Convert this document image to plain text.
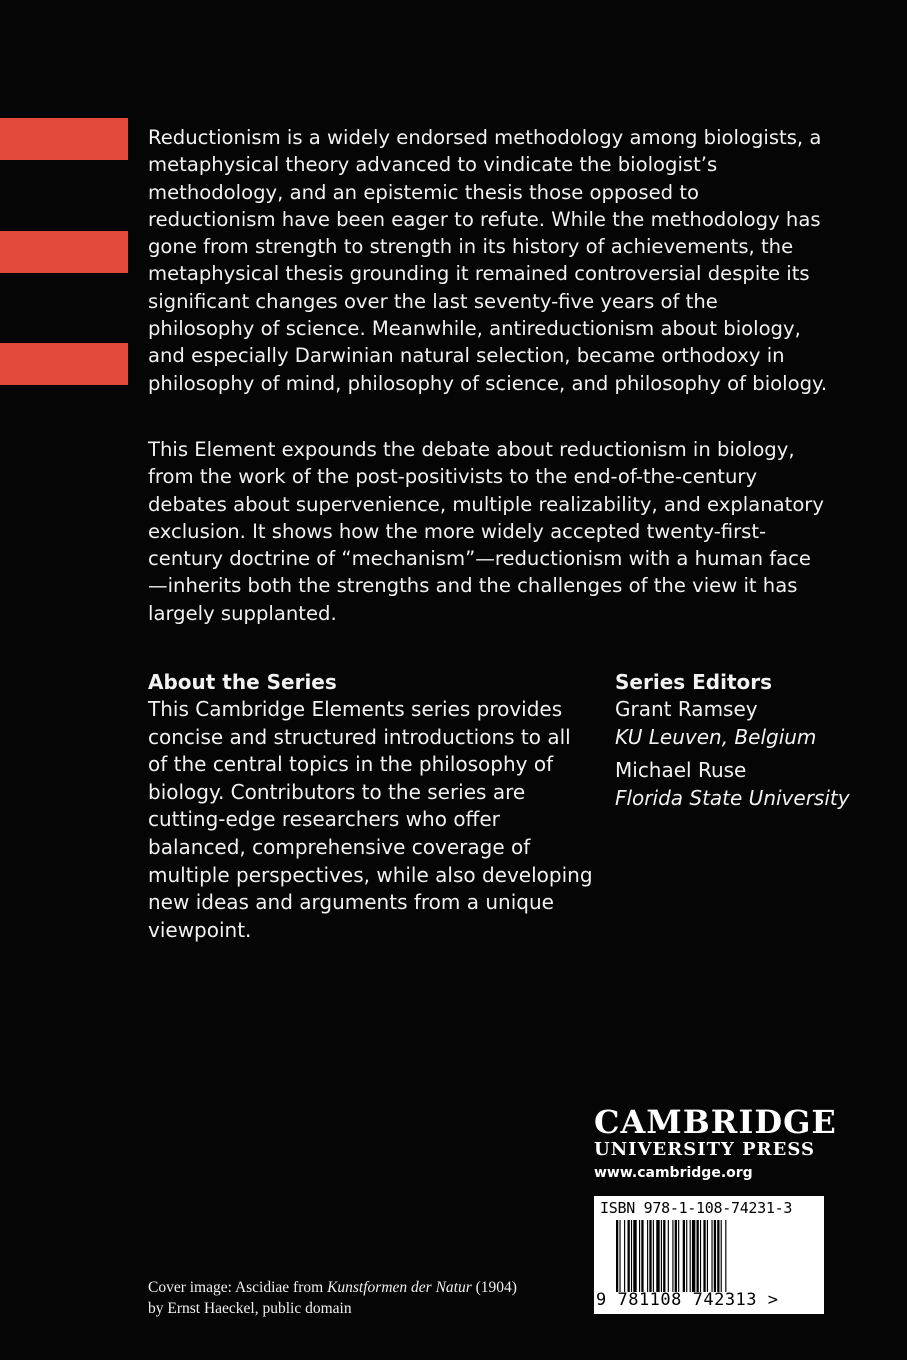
Reductionism is a widely endorsed methodology among biologists, a metaphysical theory advanced to vindicate the biologist’s methodology, and an epistemic thesis those opposed to reductionism have been eager to refute. While the methodology has gone from strength to strength in its history of achievements, the metaphysical thesis grounding it remained controversial despite its significant changes over the last seventy-five years of the philosophy of science. Meanwhile, antireductionism about biology, and especially Darwinian natural selection, became orthodoxy in philosophy of mind, philosophy of science, and philosophy of biology.

This Element expounds the debate about reductionism in biology, from the work of the post-positivists to the end-of-the-century debates about supervenience, multiple realizability, and explanatory exclusion. It shows how the more widely accepted twenty-first-century doctrine of “mechanism”—reductionism with a human face—inherits both the strengths and the challenges of the view it has largely supplanted.

About the Series

This Cambridge Elements series provides concise and structured introductions to all of the central topics in the philosophy of biology. Contributors to the series are cutting-edge researchers who offer balanced, comprehensive coverage of multiple perspectives, while also developing new ideas and arguments from a unique viewpoint.

Series Editors
Grant Ramsey
KU Leuven, Belgium
Michael Ruse
Florida State University
CAMBRIDGE
UNIVERSITY PRESS
www.cambridge.org
ISBN 978-1-108-74231-3
9 781108 742313 >
Cover image: Ascidiae from Kunstformen der Natur (1904)
by Ernst Haeckel, public domain
